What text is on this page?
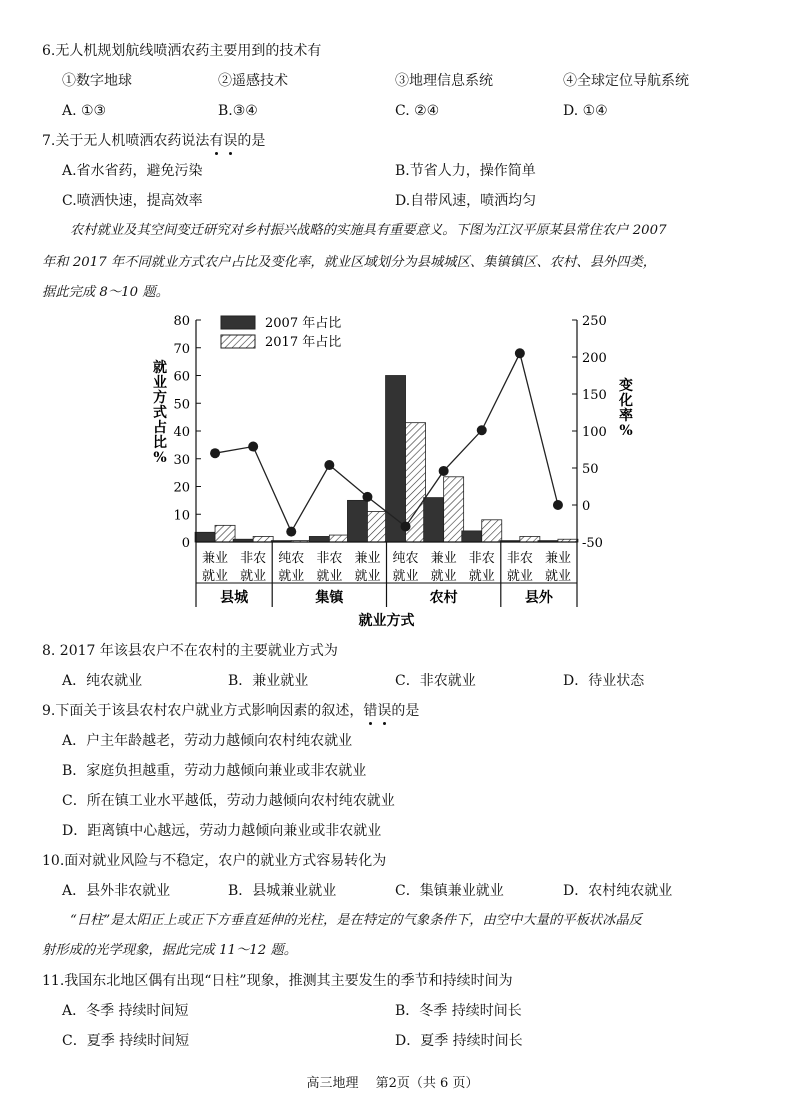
6.无人机规划航线喷洒农药主要用到的技术有
①数字地球	②遥感技术	③地理信息系统	④全球定位导航系统
A. ①③	B.③④	C. ②④	D. ①④
7.关于无人机喷洒农药说法有误的是
A.省水省药，避免污染	B.节省人力，操作简单
C.喷洒快速，提高效率	D.自带风速，喷洒均匀
农村就业及其空间变迁研究对乡村振兴战略的实施具有重要意义。下图为江汉平原某县常住农户 2007
年和 2017 年不同就业方式农户占比及变化率，就业区域划分为县城城区、集镇镇区、农村、县外四类，
据此完成 8～10 题。
0
10
20
30
40
50
60
70
80
-50
0
50
100
150
200
250
就
业
方
式
占
比
%
变
化
率
%
2007 年占比
2017 年占比
兼业
就业
非农
就业
纯农
就业
非农
就业
兼业
就业
纯农
就业
兼业
就业
非农
就业
非农
就业
兼业
就业
县城	集镇	农村	县外
就业方式
8. 2017 年该县农户不在农村的主要就业方式为
A．纯农就业	B．兼业就业	C．非农就业	D．待业状态
9.下面关于该县农村农户就业方式影响因素的叙述，错误的是
A．户主年龄越老，劳动力越倾向农村纯农就业
B．家庭负担越重，劳动力越倾向兼业或非农就业
C．所在镇工业水平越低，劳动力越倾向农村纯农就业
D．距离镇中心越远，劳动力越倾向兼业或非农就业
10.面对就业风险与不稳定，农户的就业方式容易转化为
A．县外非农就业	B．县城兼业就业	C．集镇兼业就业	D．农村纯农就业
“日柱”是太阳正上或正下方垂直延伸的光柱，是在特定的气象条件下，由空中大量的平板状冰晶反
射形成的光学现象，据此完成 11～12 题。
11.我国东北地区偶有出现“日柱”现象，推测其主要发生的季节和持续时间为
A．冬季 持续时间短	B．冬季 持续时间长
C．夏季 持续时间短	D．夏季 持续时间长
高三地理　 第2页（共 6 页）
